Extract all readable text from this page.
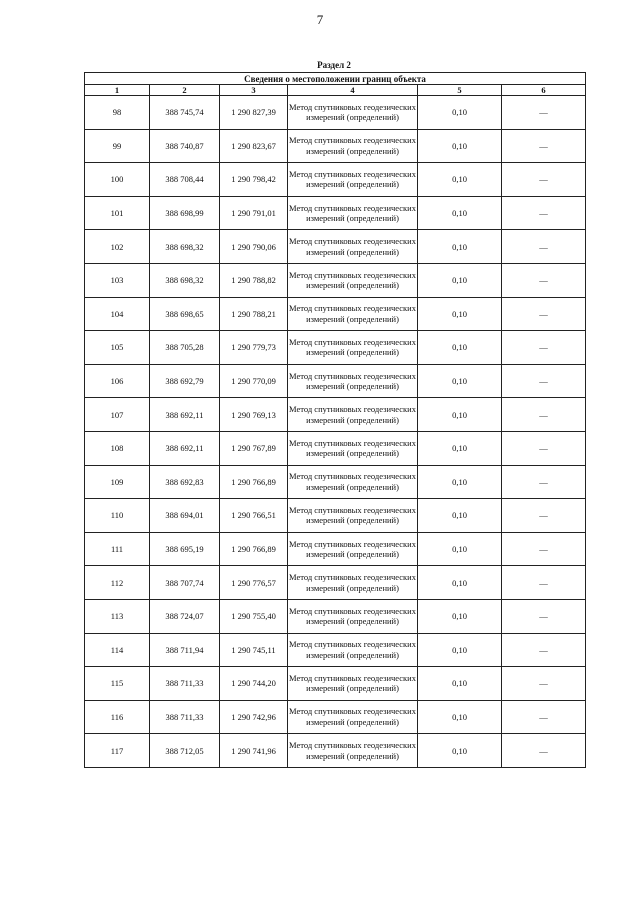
7
Раздел 2
Сведения о местоположении границ объекта					
1	2	3	4	5	6
98	388 745,74	1 290 827,39	Метод спутниковых геодезических измерений (определений)	0,10	—
99	388 740,87	1 290 823,67	Метод спутниковых геодезических измерений (определений)	0,10	—
100	388 708,44	1 290 798,42	Метод спутниковых геодезических измерений (определений)	0,10	—
101	388 698,99	1 290 791,01	Метод спутниковых геодезических измерений (определений)	0,10	—
102	388 698,32	1 290 790,06	Метод спутниковых геодезических измерений (определений)	0,10	—
103	388 698,32	1 290 788,82	Метод спутниковых геодезических измерений (определений)	0,10	—
104	388 698,65	1 290 788,21	Метод спутниковых геодезических измерений (определений)	0,10	—
105	388 705,28	1 290 779,73	Метод спутниковых геодезических измерений (определений)	0,10	—
106	388 692,79	1 290 770,09	Метод спутниковых геодезических измерений (определений)	0,10	—
107	388 692,11	1 290 769,13	Метод спутниковых геодезических измерений (определений)	0,10	—
108	388 692,11	1 290 767,89	Метод спутниковых геодезических измерений (определений)	0,10	—
109	388 692,83	1 290 766,89	Метод спутниковых геодезических измерений (определений)	0,10	—
110	388 694,01	1 290 766,51	Метод спутниковых геодезических измерений (определений)	0,10	—
111	388 695,19	1 290 766,89	Метод спутниковых геодезических измерений (определений)	0,10	—
112	388 707,74	1 290 776,57	Метод спутниковых геодезических измерений (определений)	0,10	—
113	388 724,07	1 290 755,40	Метод спутниковых геодезических измерений (определений)	0,10	—
114	388 711,94	1 290 745,11	Метод спутниковых геодезических измерений (определений)	0,10	—
115	388 711,33	1 290 744,20	Метод спутниковых геодезических измерений (определений)	0,10	—
116	388 711,33	1 290 742,96	Метод спутниковых геодезических измерений (определений)	0,10	—
117	388 712,05	1 290 741,96	Метод спутниковых геодезических измерений (определений)	0,10	—
